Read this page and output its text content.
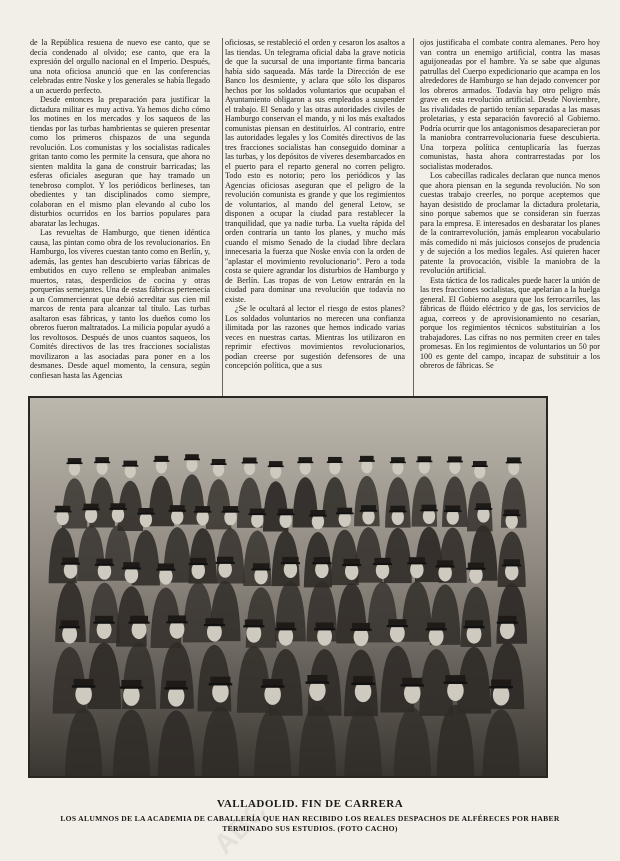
de la República resuena de nuevo ese canto, que se decía condenado al olvido; ese canto, que era la expresión del orgullo nacional en el Imperio. Después, una nota oficiosa anunció que en las conferencias celebradas entre Noske y los generales se había llegado a un acuerdo perfecto.

Desde entonces la preparación para justificar la dictadura militar es muy activa. Ya hemos dicho cómo los motines en los mercados y los saqueos de las tiendas por las turbas hambrientas se quieren presentar como los primeros chispazos de una segunda revolución. Los comunistas y los socialistas radicales gritan tanto como les permite la censura, que ahora no sienten maldita la gana de construir barricadas; las esferas oficiales aseguran que hay tramado un tenebroso complot. Y los periódicos berlineses, tan obedientes y tan disciplinados como siempre, colaboran en el mismo plan elevando al cubo los disturbios ocurridos en los barrios populares para abaratar las lechugas.

Las revueltas de Hamburgo, que tienen idéntica causa, las pintan como obra de los revolucionarios. En Hamburgo, los víveres cuestan tanto como en Berlín, y, además, las gentes han descubierto varias fábricas de embutidos en cuyo relleno se empleaban animales muertos, ratas, desperdicios de cocina y otras porquerías semejantes. Una de estas fábricas pertenecía a un Commercienrat que debió acreditar sus cien mil marcos de renta para alcanzar tal título. Las turbas asaltaron esas fábricas, y tanto los dueños como los obreros fueron maltratados. La milicia popular ayudó a los revoltosos. Después de unos cuantos saqueos, los Comités directivos de las tres fracciones socialistas movilizaron a las asociadas para poner en a los desmanes. Desde aquel momento, la censura, según confiesan hasta las Agencias

oficiosas, se restableció el orden y cesaron los asaltos a las tiendas. Un telegrama oficial daba la grave noticia de que la sucursal de una importante firma bancaria había sido saqueada. Más tarde la Dirección de ese Banco los desmiente, y aclara que sólo los disparos hechos por los soldados voluntarios que ocupaban el Ayuntamiento obligaron a sus empleados a suspender el trabajo. El Senado y las otras autoridades civiles de Hamburgo conservan el mando, y ni los más exaltados comunistas piensan en destituirlos. Al contrario, entre las autoridades legales y los Comités directivos de las tres fracciones socialistas han conseguido dominar a las turbas, y los depósitos de víveres desembarcados en el puerto para el reparto general no corren peligro. Todo esto es notorio; pero los periódicos y las Agencias oficiosas aseguran que el peligro de la revolución comunista es grande y que los regimientos de voluntarios, al mando del general Letow, se disponen a ocupar la ciudad para restablecer la tranquilidad, que ya nadie turba. La vuelta rápida del orden contraría un tanto los planes, y mucho más cuando el mismo Senado de la ciudad libre declara innecesaria la fuerza que Noske envía con la orden de "aplastar el movimiento revolucionario". Pero a toda costa se quiere agrandar los disturbios de Hamburgo y de Berlín. Las tropas de von Letow entrarán en la ciudad para dominar una revolución que todavía no existe.

¿Se le ocultará al lector el riesgo de estos planes? Los soldados voluntarios no merecen una confianza ilimitada por las razones que hemos indicado varias veces en nuestras cartas. Mientras los utilizaron en reprimir efectivos movimientos revolucionarios, podían creerse por sugestión defensores de una concepción política, que a sus

ojos justificaba el combate contra alemanes. Pero hoy van contra un enemigo artificial, contra las masas aguijoneadas por el hambre. Ya se sabe que algunas patrullas del Cuerpo expedicionario que acampa en los alrededores de Hamburgo se han dejado convencer por los obreros armados. Todavía hay otro peligro más grave en esta revolución artificial. Desde Noviembre, las rivalidades de partido tenían separadas a las masas proletarias, y esta separación favoreció al Gobierno. Podría ocurrir que los antagonismos desaparecieran por la maniobra contrarrevolucionaria fuese descubierta. Una torpeza política centuplicaría las fuerzas comunistas, hasta ahora contrarrestadas por los socialistas moderados.

Los cabecillas radicales declaran que nunca menos que ahora piensan en la segunda revolución. No son cuestas trabajo creerles, no porque aceptemos que hayan desistido de proclamar la dictadura proletaria, sino porque sabemos que se consideran sin fuerzas para la empresa. E interesados en desbaratar los planes de la contrarrevolución, jamás emplearon vocabulario más comedido ni más juiciosos consejos de prudencia y de sujeción a los medios legales. Así quieren hacer patente la provocación, visible la maniobra de la revolución artificial.

Esta táctica de los radicales puede hacer la unión de las tres fracciones socialistas, que apelarían a la huelga general. El Gobierno asegura que los ferrocarriles, las fábricas de flúido eléctrico y de gas, los servicios de agua, correos y de aprovisionamiento no cesarían, porque los regimientos técnicos substituirían a los trabajadores. Las cifras no nos permiten creer en tales promesas. En los regimientos de voluntarios un 50 por 100 es gente del campo, incapaz de substituir a los obreros de fábricas. Se

VALLADOLID. FIN DE CARRERA

LOS ALUMNOS DE LA ACADEMIA DE CABALLERÍA QUE HAN RECIBIDO LOS REALES DESPACHOS DE ALFÉRECES POR HABER TERMINADO SUS ESTUDIOS. (FOTO CACHO)

ABC
